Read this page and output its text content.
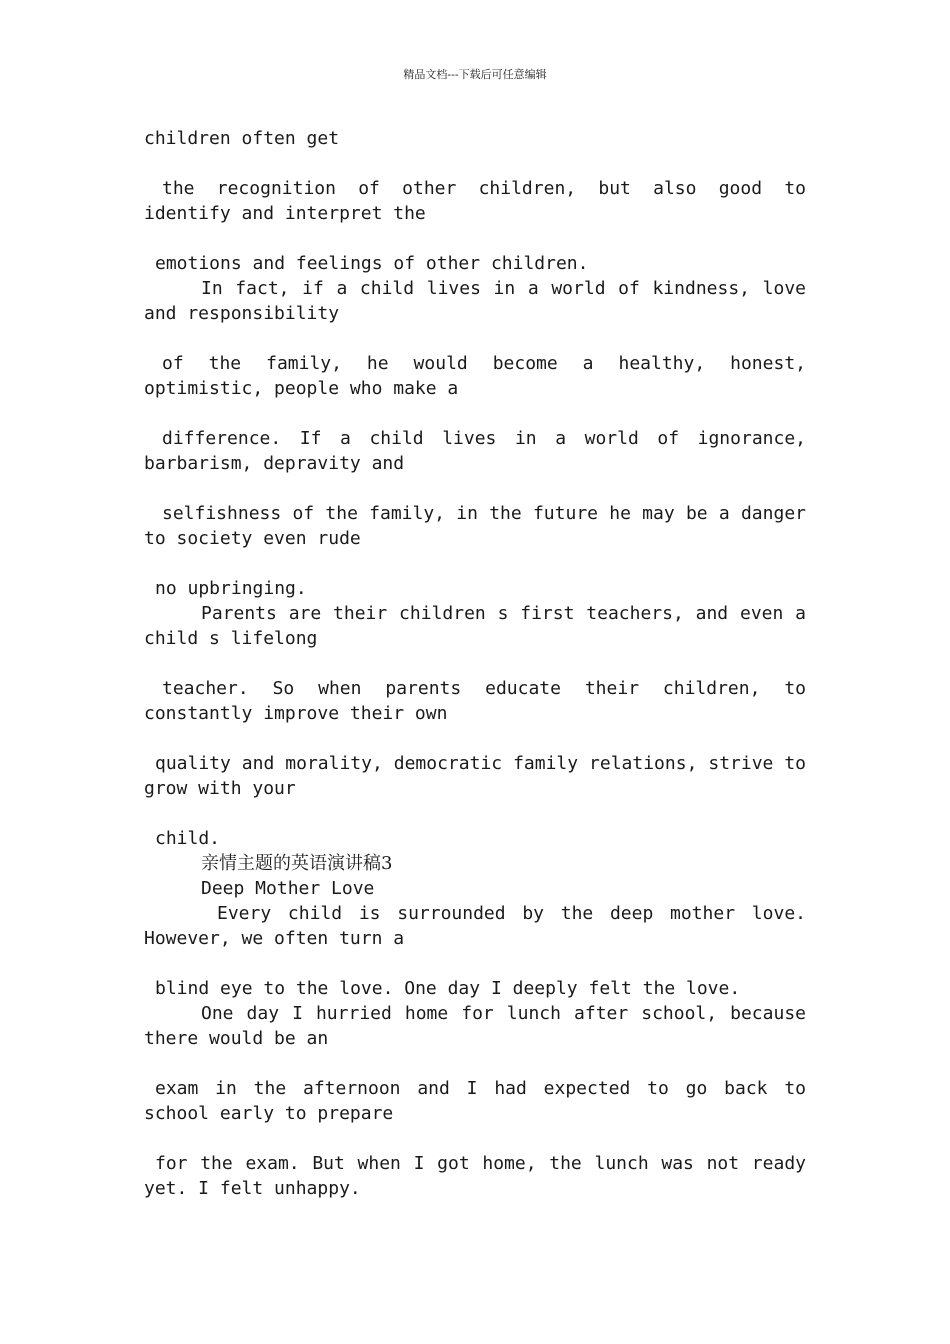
精品文档---下载后可任意编辑

children often get

the recognition of other children, but also good to identify and interpret the

emotions and feelings of other children.

In fact, if a child lives in a world of kindness, love and responsibility

of the family, he would become a healthy, honest, optimistic, people who make a

difference. If a child lives in a world of ignorance, barbarism, depravity and

selfishness of the family, in the future he may be a danger to society even rude

no upbringing.

Parents are their children s first teachers, and even a child s lifelong

teacher. So when parents educate their children, to constantly improve their own

quality and morality, democratic family relations, strive to grow with your

child.

亲情主题的英语演讲稿3

Deep Mother Love

Every child is surrounded by the deep mother love. However, we often turn a

blind eye to the love. One day I deeply felt the love.

One day I hurried home for lunch after school, because there would be an

exam in the afternoon and I had expected to go back to school early to prepare

for the exam. But when I got home, the lunch was not ready yet. I felt unhappy.
